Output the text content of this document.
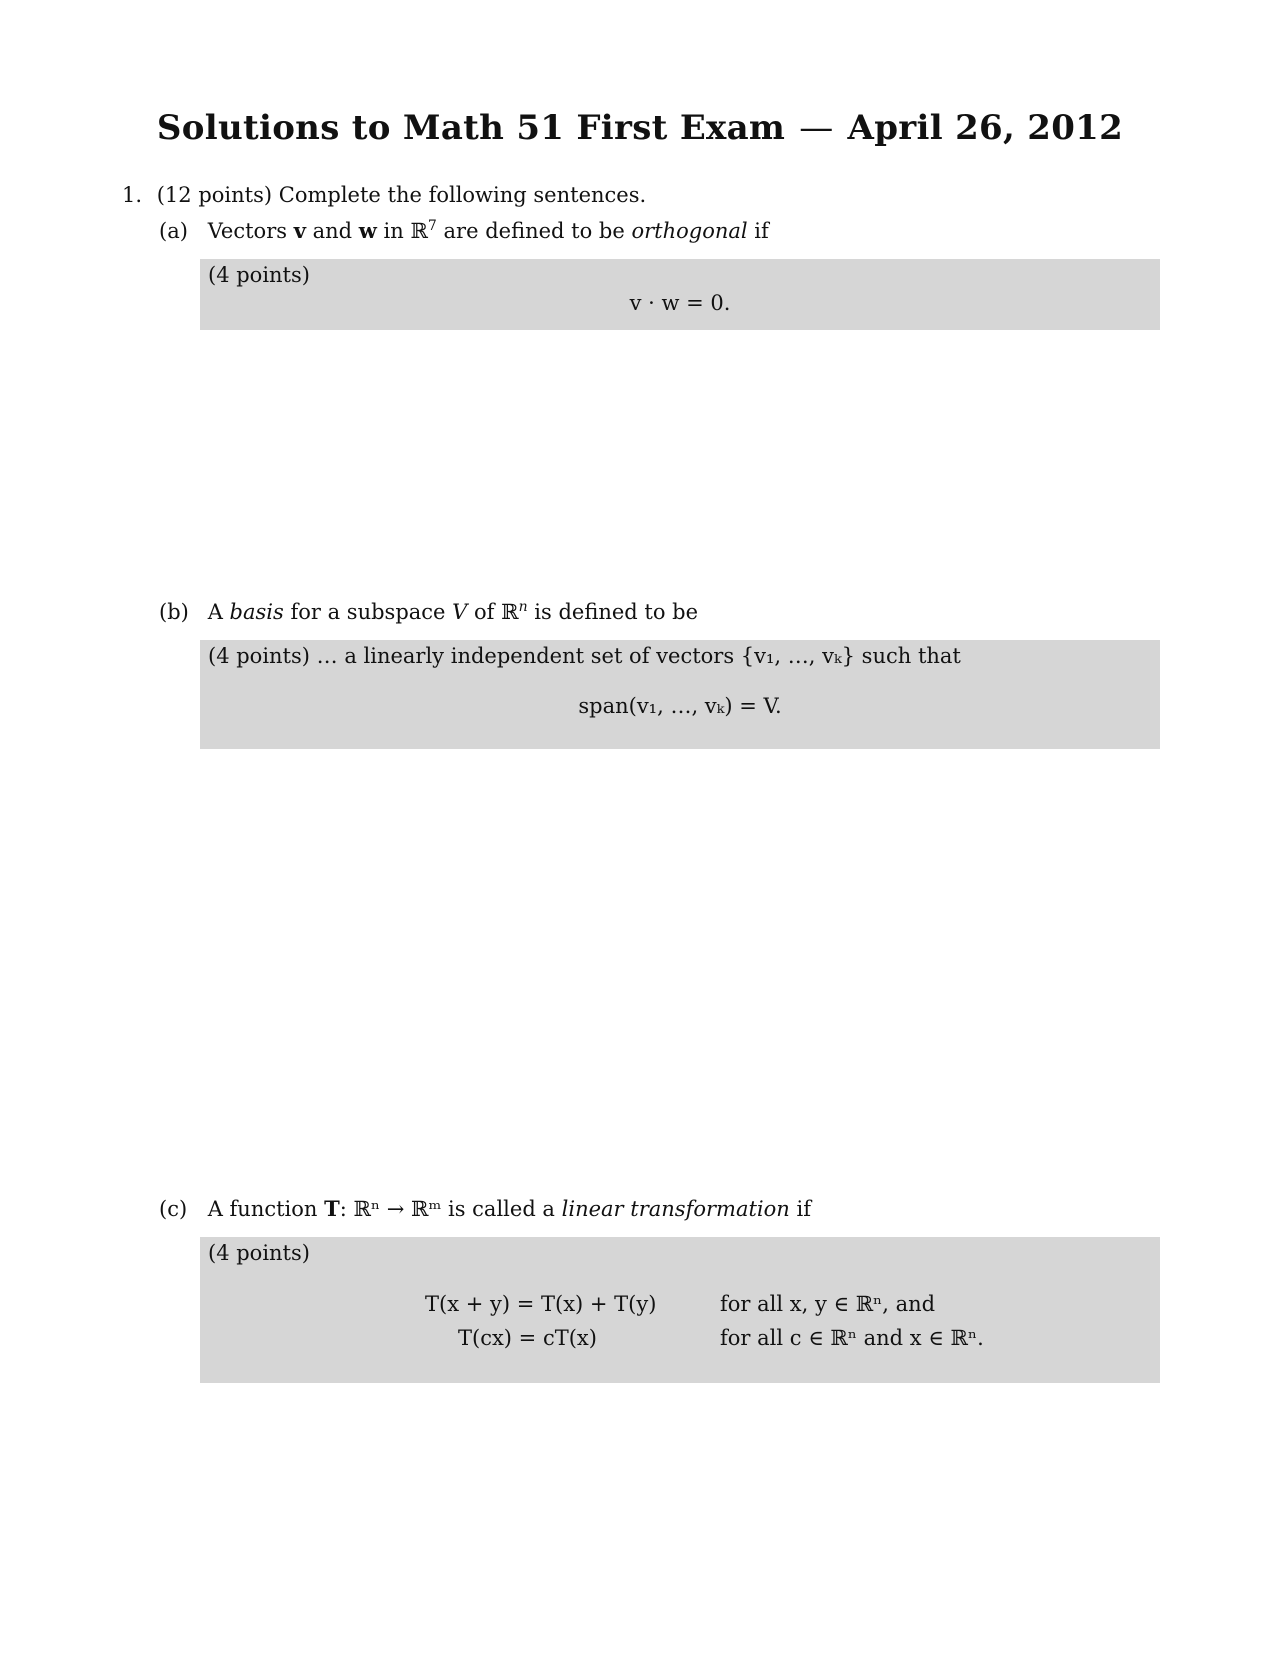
Solutions to Math 51 First Exam — April 26, 2012
1. (12 points) Complete the following sentences.
(a) Vectors v and w in ℝ$^7$ are defined to be orthogonal if
(4 points)
v · w = 0.
(b) A basis for a subspace V of ℝ$^n$ is defined to be
(4 points) … a linearly independent set of vectors {v₁, …, vₖ} such that
span(v₁, …, vₖ) = V.
(c) A function T: ℝⁿ → ℝᵐ is called a linear transformation if
(4 points)
T(x + y) = T(x) + T(y)	for all x, y ∈ ℝⁿ, and
T(cx) = cT(x)	for all c ∈ ℝⁿ and x ∈ ℝⁿ.
